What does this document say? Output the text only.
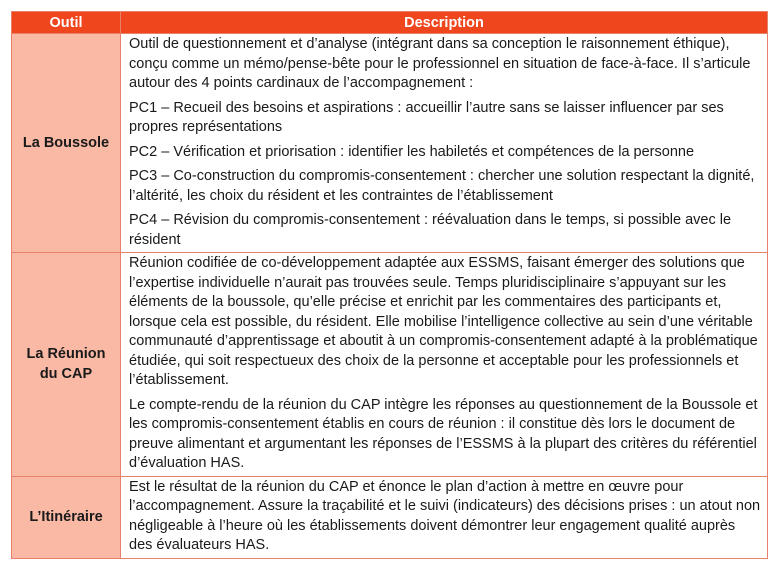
Outil	Description
La Boussole	Outil de questionnement et d’analyse (intégrant dans sa conception le raisonnement éthique), conçu comme un mémo/pense-bête pour le professionnel en situation de face-à-face. Il s’articule autour des 4 points cardinaux de l’accompagnement :

PC1 – Recueil des besoins et aspirations : accueillir l’autre sans se laisser influencer par ses propres représentations

PC2 – Vérification et priorisation : identifier les habiletés et compétences de la personne

PC3 – Co-construction du compromis-consentement : chercher une solution respectant la dignité, l’altérité, les choix du résident et les contraintes de l’établissement

PC4 – Révision du compromis-consentement : réévaluation dans le temps, si possible avec le résident

La Réunion du CAP	Réunion codifiée de co-développement adaptée aux ESSMS, faisant émerger des solutions que l’expertise individuelle n’aurait pas trouvées seule. Temps pluridisciplinaire s’appuyant sur les éléments de la boussole, qu’elle précise et enrichit par les commentaires des participants et, lorsque cela est possible, du résident. Elle mobilise l’intelligence collective au sein d’une véritable communauté d’apprentissage et aboutit à un compromis-consentement adapté à la problématique étudiée, qui soit respectueux des choix de la personne et acceptable pour les professionnels et l’établissement.

Le compte-rendu de la réunion du CAP intègre les réponses au questionnement de la Boussole et les compromis-consentement établis en cours de réunion : il constitue dès lors le document de preuve alimentant et argumentant les réponses de l’ESSMS à la plupart des critères du référentiel d’évaluation HAS.

L’Itinéraire	Est le résultat de la réunion du CAP et énonce le plan d’action à mettre en œuvre pour l’accompagnement. Assure la traçabilité et le suivi (indicateurs) des décisions prises : un atout non négligeable à l’heure où les établissements doivent démontrer leur engagement qualité auprès des évaluateurs HAS.
